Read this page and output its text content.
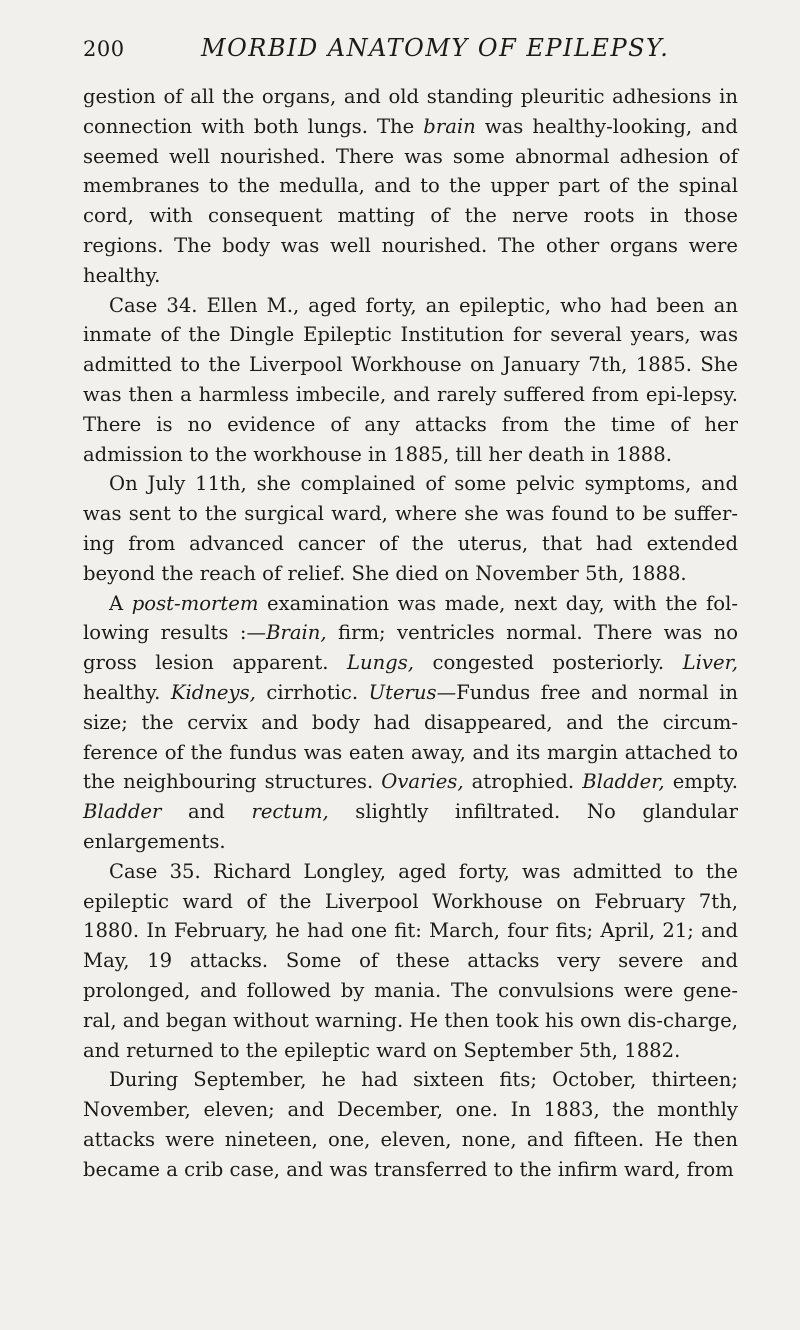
200	MORBID ANATOMY OF EPILEPSY.

gestion of all the organs, and old standing pleuritic adhesions in connection with both lungs. The brain was healthy-looking, and seemed well nourished. There was some abnormal adhesion of membranes to the medulla, and to the upper part of the spinal cord, with consequent matting of the nerve roots in those regions. The body was well nourished. The other organs were healthy.

Case 34. Ellen M., aged forty, an epileptic, who had been an inmate of the Dingle Epileptic Institution for several years, was admitted to the Liverpool Workhouse on January 7th, 1885. She was then a harmless imbecile, and rarely suffered from epi-lepsy. There is no evidence of any attacks from the time of her admission to the workhouse in 1885, till her death in 1888.

On July 11th, she complained of some pelvic symptoms, and was sent to the surgical ward, where she was found to be suffer-ing from advanced cancer of the uterus, that had extended beyond the reach of relief. She died on November 5th, 1888.

A post-mortem examination was made, next day, with the fol-lowing results :—Brain, firm; ventricles normal. There was no gross lesion apparent. Lungs, congested posteriorly. Liver, healthy. Kidneys, cirrhotic. Uterus—Fundus free and normal in size; the cervix and body had disappeared, and the circum-ference of the fundus was eaten away, and its margin attached to the neighbouring structures. Ovaries, atrophied. Bladder, empty. Bladder and rectum, slightly infiltrated. No glandular enlargements.

Case 35. Richard Longley, aged forty, was admitted to the epileptic ward of the Liverpool Workhouse on February 7th, 1880. In February, he had one fit: March, four fits; April, 21; and May, 19 attacks. Some of these attacks very severe and prolonged, and followed by mania. The convulsions were gene-ral, and began without warning. He then took his own dis-charge, and returned to the epileptic ward on September 5th, 1882.

During September, he had sixteen fits; October, thirteen; November, eleven; and December, one. In 1883, the monthly attacks were nineteen, one, eleven, none, and fifteen. He then became a crib case, and was transferred to the infirm ward, from
